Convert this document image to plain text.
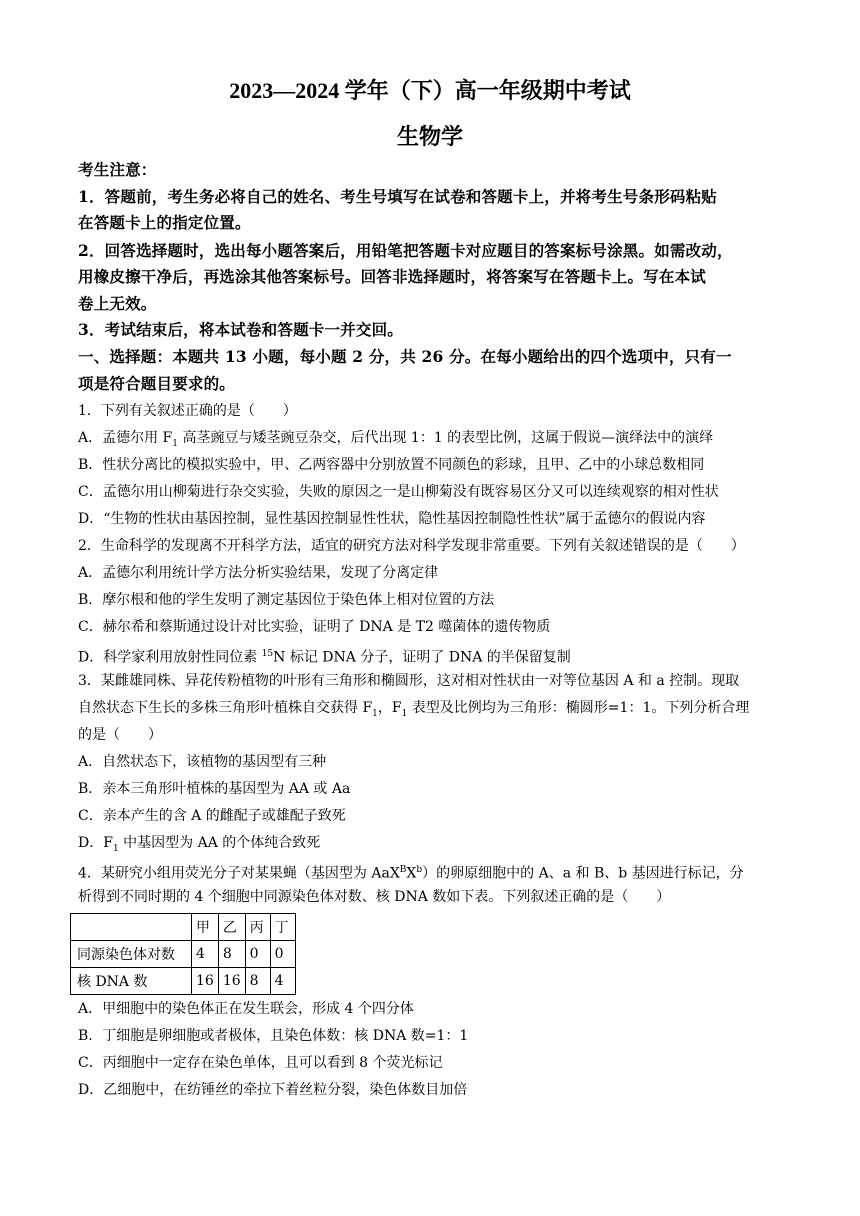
2023—2024 学年（下）高一年级期中考试
生物学
考生注意：
1．答题前，考生务必将自己的姓名、考生号填写在试卷和答题卡上，并将考生号条形码粘贴
在答题卡上的指定位置。
2．回答选择题时，选出每小题答案后，用铅笔把答题卡对应题目的答案标号涂黑。如需改动，
用橡皮擦干净后，再选涂其他答案标号。回答非选择题时，将答案写在答题卡上。写在本试
卷上无效。
3．考试结束后，将本试卷和答题卡一并交回。
一、选择题：本题共 13 小题，每小题 2 分，共 26 分。在每小题给出的四个选项中，只有一
项是符合题目要求的。
1．下列有关叙述正确的是（　　）
A．孟德尔用 $F_1$ 高茎豌豆与矮茎豌豆杂交，后代出现 1：1 的表型比例，这属于假说—演绎法中的演绎
B．性状分离比的模拟实验中，甲、乙两容器中分别放置不同颜色的彩球，且甲、乙中的小球总数相同
C．孟德尔用山柳菊进行杂交实验，失败的原因之一是山柳菊没有既容易区分又可以连续观察的相对性状
D．“生物的性状由基因控制，显性基因控制显性性状，隐性基因控制隐性性状”属于孟德尔的假说内容
2．生命科学的发现离不开科学方法，适宜的研究方法对科学发现非常重要。下列有关叙述错误的是（　　）
A．孟德尔利用统计学方法分析实验结果，发现了分离定律
B．摩尔根和他的学生发明了测定基因位于染色体上相对位置的方法
C．赫尔希和蔡斯通过设计对比实验，证明了 DNA 是 T2 噬菌体的遗传物质
D．科学家利用放射性同位素 $^{15}$N 标记 DNA 分子，证明了 DNA 的半保留复制
3．某雌雄同株、异花传粉植物的叶形有三角形和椭圆形，这对相对性状由一对等位基因 A 和 a 控制。现取
自然状态下生长的多株三角形叶植株自交获得 $F_1$，$F_1$ 表型及比例均为三角形：椭圆形=1：1。下列分析合理
的是（　　）
A．自然状态下，该植物的基因型有三种
B．亲本三角形叶植株的基因型为 AA 或 Aa
C．亲本产生的含 A 的雌配子或雄配子致死
D．$F_1$ 中基因型为 AA 的个体纯合致死
4．某研究小组用荧光分子对某果蝇（基因型为 $AaX^BX^b$）的卵原细胞中的 A、a 和 B、b 基因进行标记，分
析得到不同时期的 4 个细胞中同源染色体对数、核 DNA 数如下表。下列叙述正确的是（　　）
	甲	乙	丙	丁
同源染色体对数	4	8	0	0
核 DNA 数	16	16	8	4
A．甲细胞中的染色体正在发生联会，形成 4 个四分体
B．丁细胞是卵细胞或者极体，且染色体数：核 DNA 数=1：1
C．丙细胞中一定存在染色单体，且可以看到 8 个荧光标记
D．乙细胞中，在纺锤丝的牵拉下着丝粒分裂，染色体数目加倍
